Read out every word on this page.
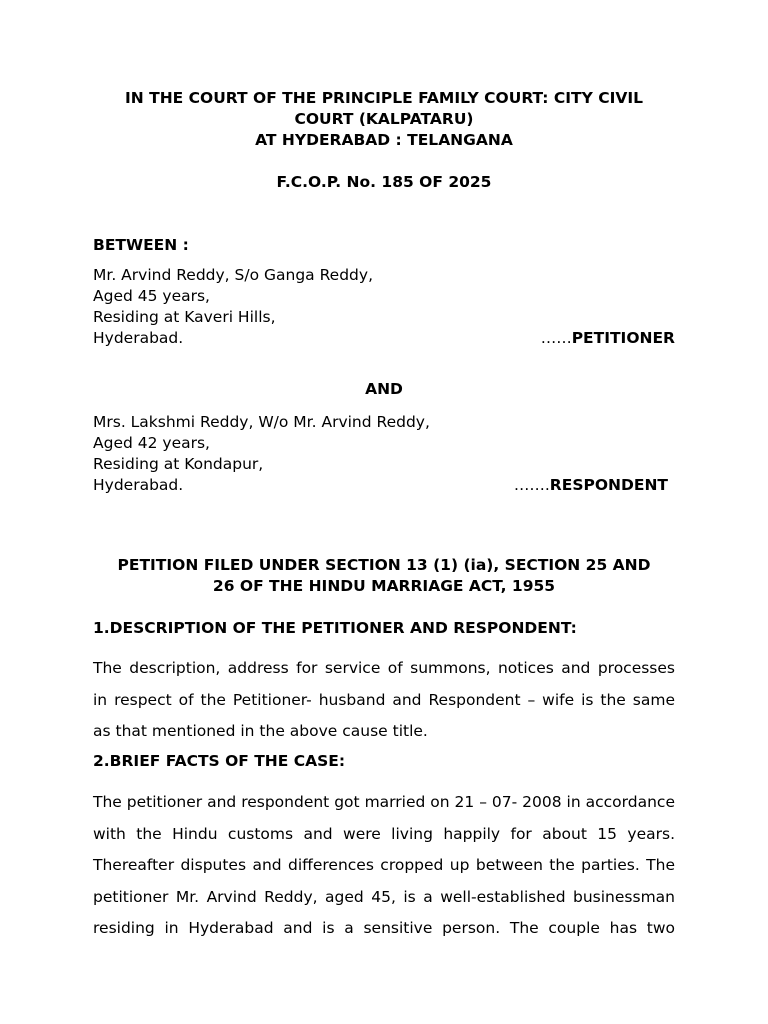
IN THE COURT OF THE PRINCIPLE FAMILY COURT: CITY CIVIL
COURT (KALPATARU)
AT HYDERABAD : TELANGANA
F.C.O.P. No. 185 OF 2025
BETWEEN :
Mr. Arvind Reddy, S/o Ganga Reddy,
Aged 45 years,
Residing at Kaveri Hills,
Hyderabad.	……PETITIONER
AND
Mrs. Lakshmi Reddy, W/o Mr. Arvind Reddy,
Aged 42 years,
Residing at Kondapur,
Hyderabad.	…….RESPONDENT
PETITION FILED UNDER SECTION 13 (1) (ia), SECTION 25 AND
26 OF THE HINDU MARRIAGE ACT, 1955
1.DESCRIPTION OF THE PETITIONER AND RESPONDENT:
The description, address for service of summons, notices and processes
in respect of the Petitioner- husband and Respondent – wife is the same
as that mentioned in the above cause title.
2.BRIEF FACTS OF THE CASE:
The petitioner and respondent got married on 21 – 07- 2008 in accordance
with the Hindu customs and were living happily for about 15 years.
Thereafter disputes and differences cropped up between the parties. The
petitioner Mr. Arvind Reddy, aged 45, is a well-established businessman
residing in Hyderabad and is a sensitive person. The couple has two
